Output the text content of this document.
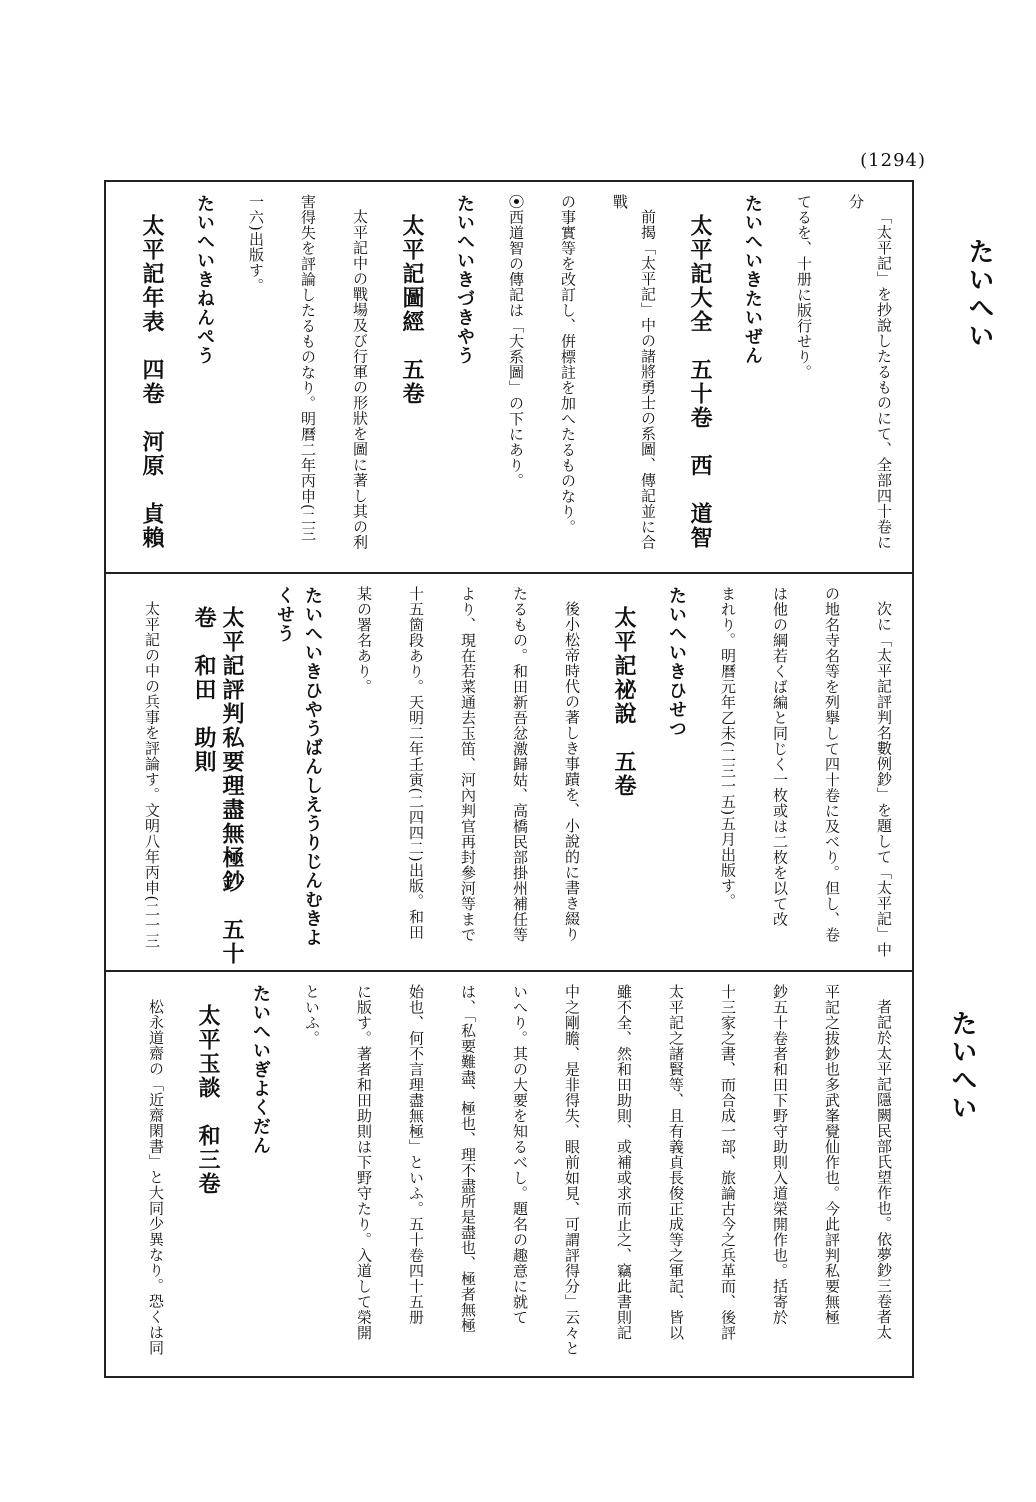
(1294)
たいへい
たいへい
「太平記」を抄說したるものにて、全部四十卷に分
てるを、十册に版行せり。
たいへいきたいぜん
太平記大全　五十卷　西　道智
前揭「太平記」中の諸將勇士の系圖、傳記並に合戰
の事實等を改訂し、倂標註を加へたるものなり。
⦿西道智の傳記は「大系圖」の下にあり。
たいへいきづきやう
太平記圖經　五卷
太平記中の戰場及び行軍の形狀を圖に著し其の利
害得失を評論したるものなり。明曆二年丙申(二三
一六)出版す。
たいへいきねんぺう
太平記年表　四卷　河原　貞賴
次に「太平記評判名數例鈔」を題して「太平記」中
の地名寺名等を列擧して四十卷に及べり。但し、卷
は他の綱若くば編と同じく一枚或は二枚を以て改
まれり。明曆元年乙未(二三一五)五月出版す。
たいへいきひせつ
太平記祕說　五卷
後小松帝時代の著しき事蹟を、小說的に書き綴り
たるもの。和田新吾忿激歸姑、高橋民部掛州補任等
より、現在若菜通去玉笛、河內判官再封參河等まで
十五箇段あり。天明二年壬寅(二四四二)出版。和田
某の署名あり。
たいへいきひやうばんしえうりじんむきよくせう
太平記評判私要理盡無極鈔　五十卷　和田　助則
太平記の中の兵事を評論す。文明八年丙申(二一三
者記於太平記隱闕民部氏望作也。依夢鈔三卷者太
平記之拔鈔也多武峯覺仙作也。今此評判私要無極
鈔五十卷者和田下野守助則入道榮開作也。括寄於
十三家之書、而合成一部、旅論古今之兵革而、後評
太平記之諸賢等、且有義貞長俊正成等之軍記、皆以
雖不全、然和田助則、或補或求而止之、竊此書則記
中之剛膽、是非得失、眼前如見、可謂評得分」云々と
いへり。其の大要を知るべし。題名の趣意に就て
は、「私要難盡、極也、理不盡所是盡也、極者無極
始也、何不言理盡無極」といふ。五十卷四十五册
に版す。著者和田助則は下野守たり。入道して榮開
といふ。
たいへいぎよくだん
太平玉談　和三卷
松永道齋の「近齋閑書」と大同少異なり。恐くは同
